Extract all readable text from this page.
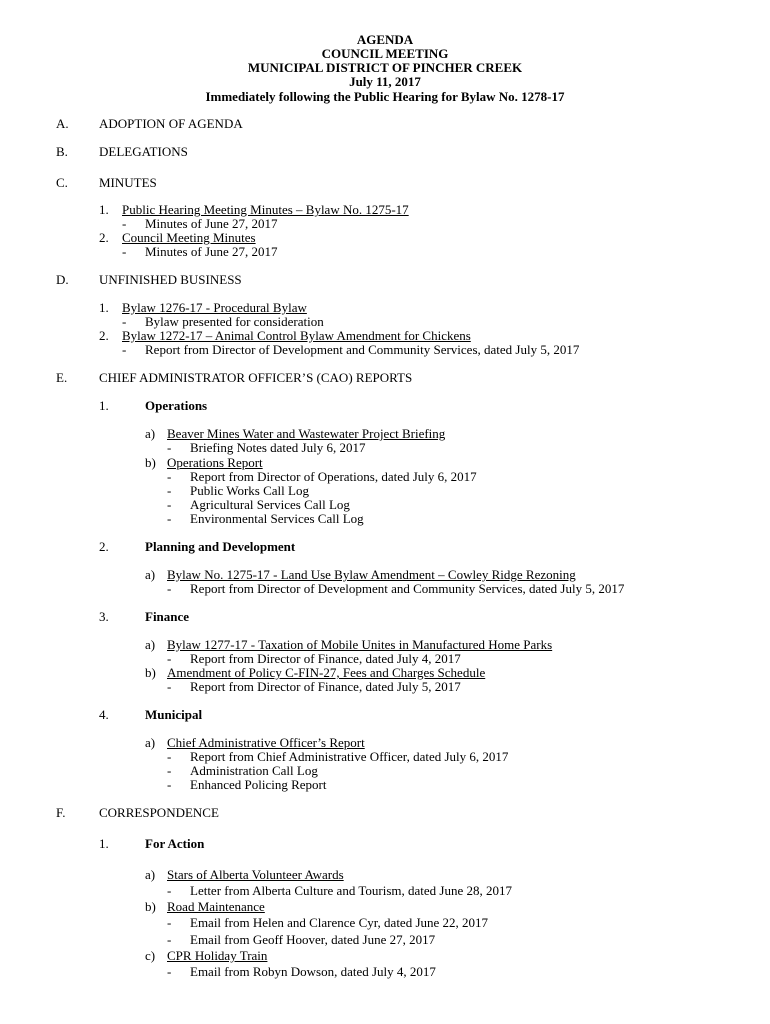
AGENDA
COUNCIL MEETING
MUNICIPAL DISTRICT OF PINCHER CREEK
July 11, 2017
Immediately following the Public Hearing for Bylaw No. 1278-17
A. ADOPTION OF AGENDA
B. DELEGATIONS
C. MINUTES
1. Public Hearing Meeting Minutes – Bylaw No. 1275-17
- Minutes of June 27, 2017
2. Council Meeting Minutes
- Minutes of June 27, 2017
D. UNFINISHED BUSINESS
1. Bylaw 1276-17 - Procedural Bylaw
- Bylaw presented for consideration
2. Bylaw 1272-17 – Animal Control Bylaw Amendment for Chickens
- Report from Director of Development and Community Services, dated July 5, 2017
E. CHIEF ADMINISTRATOR OFFICER’S (CAO) REPORTS
1.	Operations
a) Beaver Mines Water and Wastewater Project Briefing
- Briefing Notes dated July 6, 2017
b) Operations Report
- Report from Director of Operations, dated July 6, 2017
- Public Works Call Log
- Agricultural Services Call Log
- Environmental Services Call Log
2.	Planning and Development
a) Bylaw No. 1275-17 - Land Use Bylaw Amendment – Cowley Ridge Rezoning
- Report from Director of Development and Community Services, dated July 5, 2017
3.	Finance
a) Bylaw 1277-17 - Taxation of Mobile Unites in Manufactured Home Parks
- Report from Director of Finance, dated July 4, 2017
b) Amendment of Policy C-FIN-27, Fees and Charges Schedule
- Report from Director of Finance, dated July 5, 2017
4.	Municipal
a) Chief Administrative Officer’s Report
- Report from Chief Administrative Officer, dated July 6, 2017
- Administration Call Log
- Enhanced Policing Report
F.	CORRESPONDENCE
1.	For Action
a) Stars of Alberta Volunteer Awards
- Letter from Alberta Culture and Tourism, dated June 28, 2017
b) Road Maintenance
- Email from Helen and Clarence Cyr, dated June 22, 2017
- Email from Geoff Hoover, dated June 27, 2017
c) CPR Holiday Train
- Email from Robyn Dowson, dated July 4, 2017
